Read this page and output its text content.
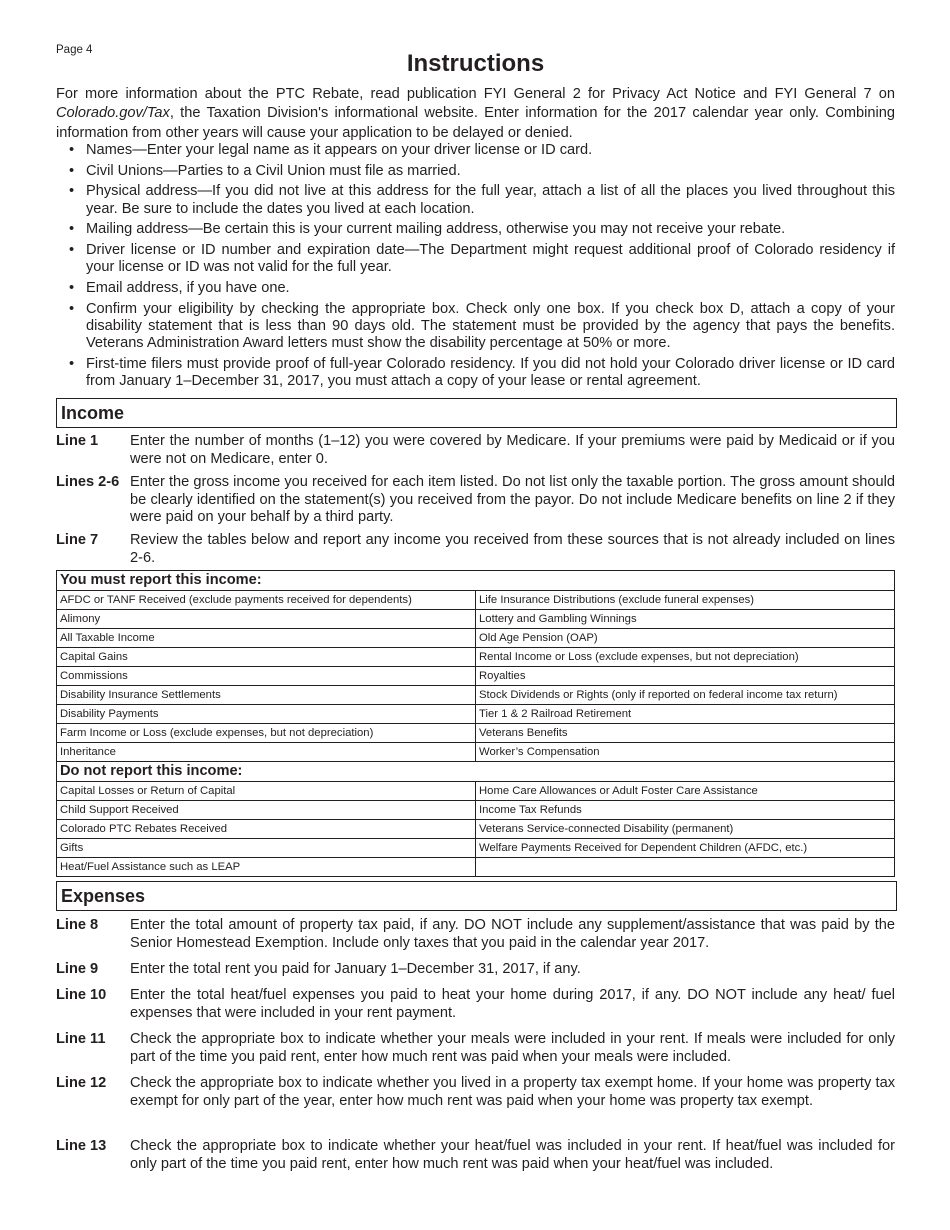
Page 4	Instructions
For more information about the PTC Rebate, read publication FYI General 2 for Privacy Act Notice and FYI General 7 on Colorado.gov/Tax, the Taxation Division's informational website. Enter information for the 2017 calendar year only. Combining information from other years will cause your application to be delayed or denied.
• Names—Enter your legal name as it appears on your driver license or ID card.
• Civil Unions—Parties to a Civil Union must file as married.
• Physical address—If you did not live at this address for the full year, attach a list of all the places you lived throughout this year. Be sure to include the dates you lived at each location.
• Mailing address—Be certain this is your current mailing address, otherwise you may not receive your rebate.
• Driver license or ID number and expiration date—The Department might request additional proof of Colorado residency if your license or ID was not valid for the full year.
• Email address, if you have one.
• Confirm your eligibility by checking the appropriate box. Check only one box. If you check box D, attach a copy of your disability statement that is less than 90 days old. The statement must be provided by the agency that pays the benefits. Veterans Administration Award letters must show the disability percentage at 50% or more.
• First-time filers must provide proof of full-year Colorado residency. If you did not hold your Colorado driver license or ID card from January 1–December 31, 2017, you must attach a copy of your lease or rental agreement.
Income
Line 1 Enter the number of months (1–12) you were covered by Medicare. If your premiums were paid by Medicaid or if you were not on Medicare, enter 0.
Lines 2-6 Enter the gross income you received for each item listed. Do not list only the taxable portion. The gross amount should be clearly identified on the statement(s) you received from the payor. Do not include Medicare benefits on line 2 if they were paid on your behalf by a third party.
Line 7 Review the tables below and report any income you received from these sources that is not already included on lines 2-6.
You must report this income:	
AFDC or TANF Received (exclude payments received for dependents)	Life Insurance Distributions (exclude funeral expenses)
Alimony	Lottery and Gambling Winnings
All Taxable Income	Old Age Pension (OAP)
Capital Gains	Rental Income or Loss (exclude expenses, but not depreciation)
Commissions	Royalties
Disability Insurance Settlements	Stock Dividends or Rights (only if reported on federal income tax return)
Disability Payments	Tier 1 & 2 Railroad Retirement
Farm Income or Loss (exclude expenses, but not depreciation)	Veterans Benefits
Inheritance	Worker’s Compensation
Do not report this income:	
Capital Losses or Return of Capital	Home Care Allowances or Adult Foster Care Assistance
Child Support Received	Income Tax Refunds
Colorado PTC Rebates Received	Veterans Service-connected Disability (permanent)
Gifts	Welfare Payments Received for Dependent Children (AFDC, etc.)
Heat/Fuel Assistance such as LEAP	
Expenses
Line 8 Enter the total amount of property tax paid, if any. DO NOT include any supplement/assistance that was paid by the Senior Homestead Exemption. Include only taxes that you paid in the calendar year 2017.
Line 9 Enter the total rent you paid for January 1–December 31, 2017, if any.
Line 10 Enter the total heat/fuel expenses you paid to heat your home during 2017, if any. DO NOT include any heat/ fuel expenses that were included in your rent payment.
Line 11 Check the appropriate box to indicate whether your meals were included in your rent. If meals were included for only part of the time you paid rent, enter how much rent was paid when your meals were included.
Line 12 Check the appropriate box to indicate whether you lived in a property tax exempt home. If your home was property tax exempt for only part of the year, enter how much rent was paid when your home was property tax exempt.
Line 13 Check the appropriate box to indicate whether your heat/fuel was included in your rent. If heat/fuel was included for only part of the time you paid rent, enter how much rent was paid when your heat/fuel was included.
